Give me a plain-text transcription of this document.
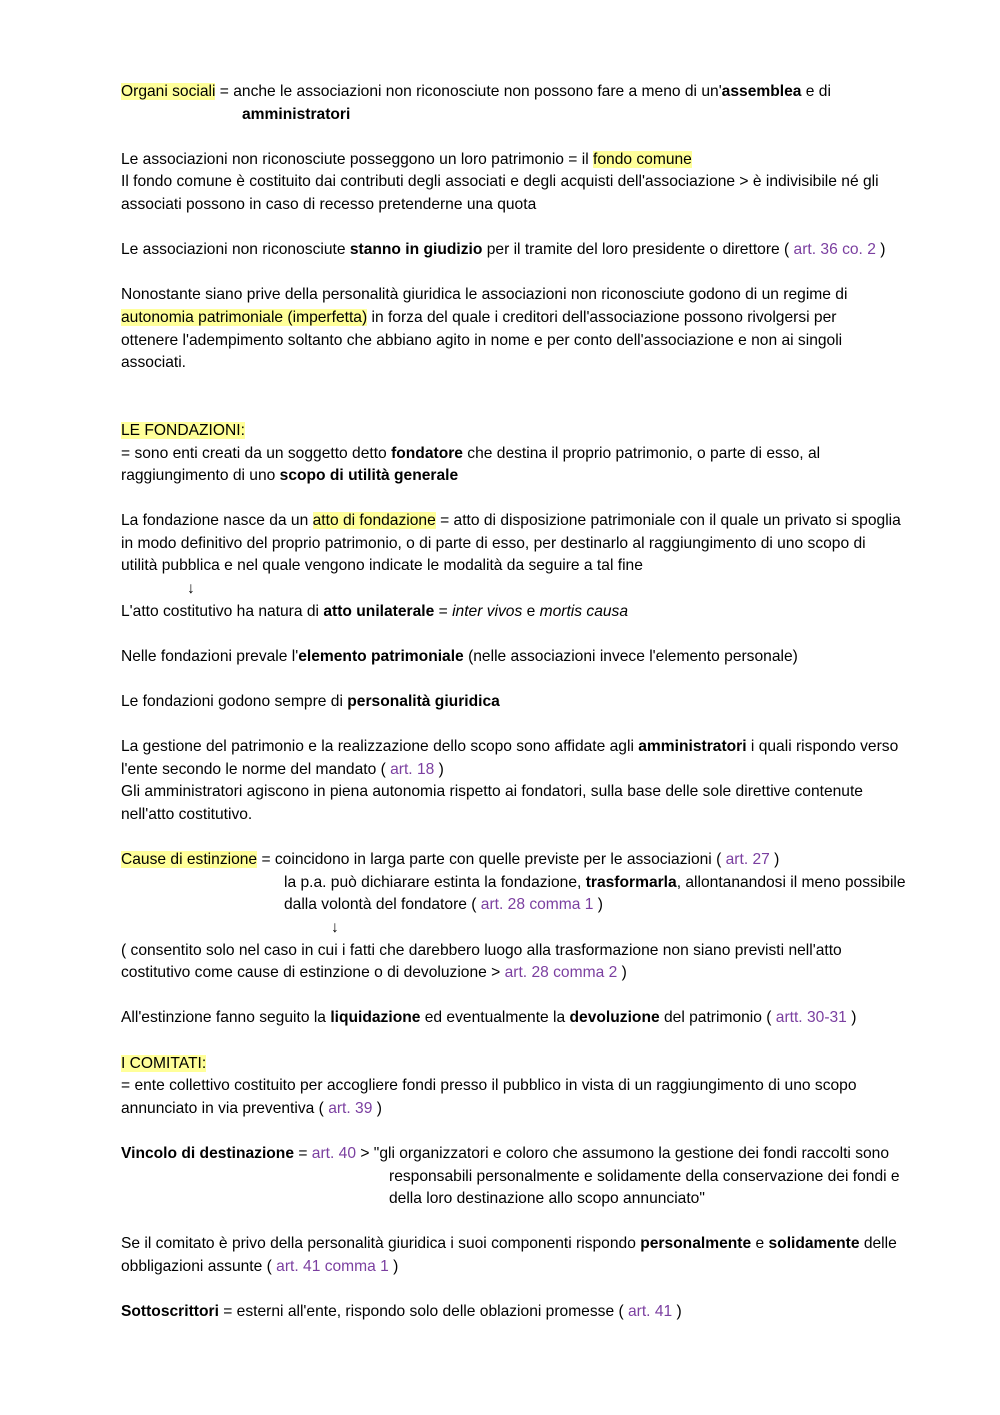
Organi sociali = anche le associazioni non riconosciute non possono fare a meno di un'assemblea e di

amministratori

Le associazioni non riconosciute posseggono un loro patrimonio = il fondo comune

Il fondo comune è costituito dai contributi degli associati e degli acquisti dell'associazione > è indivisibile né gli

associati possono in caso di recesso pretenderne una quota

Le associazioni non riconosciute stanno in giudizio per il tramite del loro presidente o direttore ( art. 36 co. 2 )

Nonostante siano prive della personalità giuridica le associazioni non riconosciute godono di un regime di

autonomia patrimoniale (imperfetta) in forza del quale i creditori dell'associazione possono rivolgersi per

ottenere l'adempimento soltanto che abbiano agito in nome e per conto dell'associazione e non ai singoli

associati.

LE FONDAZIONI:

= sono enti creati da un soggetto detto fondatore che destina il proprio patrimonio, o parte di esso, al

raggiungimento di uno scopo di utilità generale

La fondazione nasce da un atto di fondazione = atto di disposizione patrimoniale con il quale un privato si spoglia

in modo definitivo del proprio patrimonio, o di parte di esso, per destinarlo al raggiungimento di uno scopo di

utilità pubblica e nel quale vengono indicate le modalità da seguire a tal fine

↓

L'atto costitutivo ha natura di atto unilaterale = inter vivos e mortis causa

Nelle fondazioni prevale l'elemento patrimoniale (nelle associazioni invece l'elemento personale)

Le fondazioni godono sempre di personalità giuridica

La gestione del patrimonio e la realizzazione dello scopo sono affidate agli amministratori i quali rispondo verso

l'ente secondo le norme del mandato ( art. 18 )

Gli amministratori agiscono in piena autonomia rispetto ai fondatori, sulla base delle sole direttive contenute

nell'atto costitutivo.

Cause di estinzione = coincidono in larga parte con quelle previste per le associazioni ( art. 27 )

la p.a. può dichiarare estinta la fondazione, trasformarla, allontanandosi il meno possibile

dalla volontà del fondatore ( art. 28 comma 1 )

↓

( consentito solo nel caso in cui i fatti che darebbero luogo alla trasformazione non siano previsti nell'atto

costitutivo come cause di estinzione o di devoluzione > art. 28 comma 2 )

All'estinzione fanno seguito la liquidazione ed eventualmente la devoluzione del patrimonio ( artt. 30-31 )

I COMITATI:

= ente collettivo costituito per accogliere fondi presso il pubblico in vista di un raggiungimento di uno scopo

annunciato in via preventiva ( art. 39 )

Vincolo di destinazione = art. 40 > "gli organizzatori e coloro che assumono la gestione dei fondi raccolti sono

responsabili personalmente e solidamente della conservazione dei fondi e

della loro destinazione allo scopo annunciato"

Se il comitato è privo della personalità giuridica i suoi componenti rispondo personalmente e solidamente delle

obbligazioni assunte ( art. 41 comma 1 )

Sottoscrittori = esterni all'ente, rispondo solo delle oblazioni promesse ( art. 41 )
